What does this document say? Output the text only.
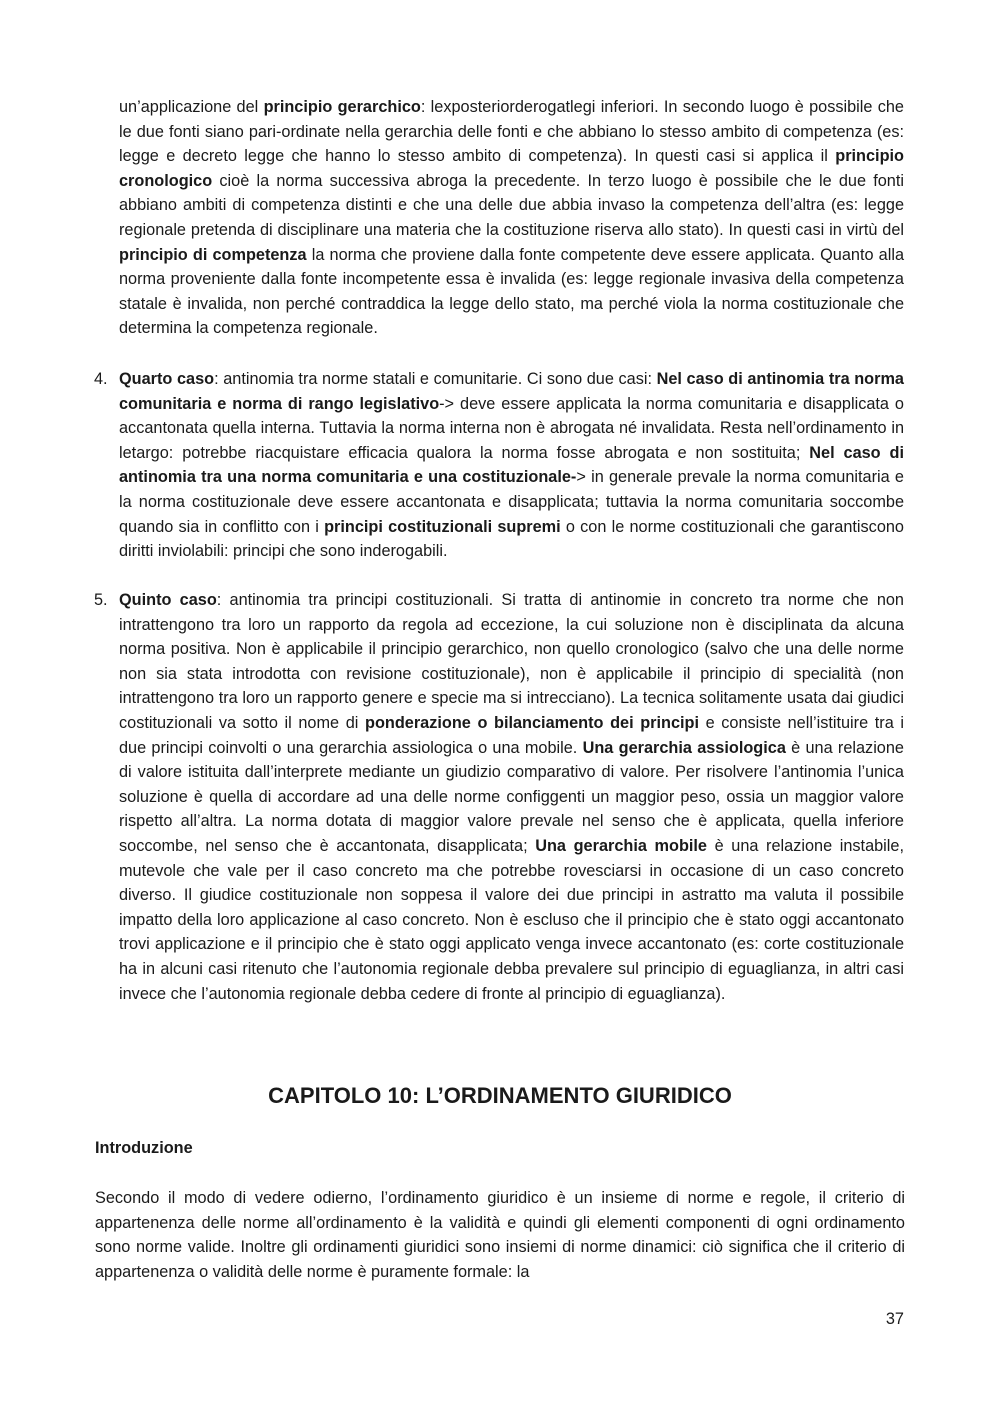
un’applicazione del principio gerarchico: lexposteriorderogatlegi inferiori. In secondo luogo è possibile che le due fonti siano pari-ordinate nella gerarchia delle fonti e che abbiano lo stesso ambito di competenza (es: legge e decreto legge che hanno lo stesso ambito di competenza). In questi casi si applica il principio cronologico cioè la norma successiva abroga la precedente. In terzo luogo è possibile che le due fonti abbiano ambiti di competenza distinti e che una delle due abbia invaso la competenza dell’altra (es: legge regionale pretenda di disciplinare una materia che la costituzione riserva allo stato). In questi casi in virtù del principio di competenza la norma che proviene dalla fonte competente deve essere applicata. Quanto alla norma proveniente dalla fonte incompetente essa è invalida (es: legge regionale invasiva della competenza statale è invalida, non perché contraddica la legge dello stato, ma perché viola la norma costituzionale che determina la competenza regionale.

4. Quarto caso: antinomia tra norme statali e comunitarie. Ci sono due casi: Nel caso di antinomia tra norma comunitaria e norma di rango legislativo-> deve essere applicata la norma comunitaria e disapplicata o accantonata quella interna. Tuttavia la norma interna non è abrogata né invalidata. Resta nell’ordinamento in letargo: potrebbe riacquistare efficacia qualora la norma fosse abrogata e non sostituita; Nel caso di antinomia tra una norma comunitaria e una costituzionale-> in generale prevale la norma comunitaria e la norma costituzionale deve essere accantonata e disapplicata; tuttavia la norma comunitaria soccombe quando sia in conflitto con i principi costituzionali supremi o con le norme costituzionali che garantiscono diritti inviolabili: principi che sono inderogabili.
5. Quinto caso: antinomia tra principi costituzionali. Si tratta di antinomie in concreto tra norme che non intrattengono tra loro un rapporto da regola ad eccezione, la cui soluzione non è disciplinata da alcuna norma positiva. Non è applicabile il principio gerarchico, non quello cronologico (salvo che una delle norme non sia stata introdotta con revisione costituzionale), non è applicabile il principio di specialità (non intrattengono tra loro un rapporto genere e specie ma si intrecciano). La tecnica solitamente usata dai giudici costituzionali va sotto il nome di ponderazione o bilanciamento dei principi e consiste nell’istituire tra i due principi coinvolti o una gerarchia assiologica o una mobile. Una gerarchia assiologica è una relazione di valore istituita dall’interprete mediante un giudizio comparativo di valore. Per risolvere l’antinomia l’unica soluzione è quella di accordare ad una delle norme configgenti un maggior peso, ossia un maggior valore rispetto all’altra. La norma dotata di maggior valore prevale nel senso che è applicata, quella inferiore soccombe, nel senso che è accantonata, disapplicata; Una gerarchia mobile è una relazione instabile, mutevole che vale per il caso concreto ma che potrebbe rovesciarsi in occasione di un caso concreto diverso. Il giudice costituzionale non soppesa il valore dei due principi in astratto ma valuta il possibile impatto della loro applicazione al caso concreto. Non è escluso che il principio che è stato oggi accantonato trovi applicazione e il principio che è stato oggi applicato venga invece accantonato (es: corte costituzionale ha in alcuni casi ritenuto che l’autonomia regionale debba prevalere sul principio di eguaglianza, in altri casi invece che l’autonomia regionale debba cedere di fronte al principio di eguaglianza).
CAPITOLO 10: L’ORDINAMENTO GIURIDICO
Introduzione

Secondo il modo di vedere odierno, l’ordinamento giuridico è un insieme di norme e regole, il criterio di appartenenza delle norme all’ordinamento è la validità e quindi gli elementi componenti di ogni ordinamento sono norme valide. Inoltre gli ordinamenti giuridici sono insiemi di norme dinamici: ciò significa che il criterio di appartenenza o validità delle norme è puramente formale: la

37
